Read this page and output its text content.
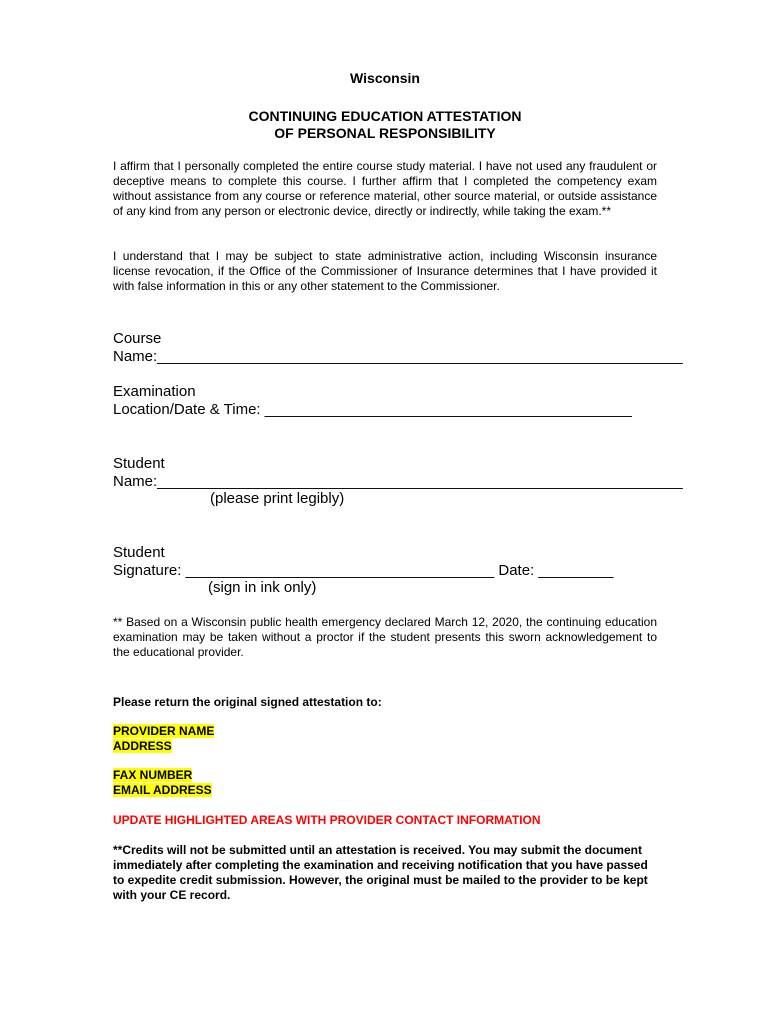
Wisconsin

CONTINUING EDUCATION ATTESTATION

OF PERSONAL RESPONSIBILITY

I affirm that I personally completed the entire course study material. I have not used any fraudulent or deceptive means to complete this course. I further affirm that I completed the competency exam without assistance from any course or reference material, other source material, or outside assistance of any kind from any person or electronic device, directly or indirectly, while taking the exam.**

I understand that I may be subject to state administrative action, including Wisconsin insurance license revocation, if the Office of the Commissioner of Insurance determines that I have provided it with false information in this or any other statement to the Commissioner.

Course

Name:_______________________________________________________________

Examination

Location/Date & Time: ____________________________________________

Student

Name:_______________________________________________________________

(please print legibly)

Student

Signature: _____________________________________ Date: _________

(sign in ink only)

** Based on a Wisconsin public health emergency declared March 12, 2020, the continuing education examination may be taken without a proctor if the student presents this sworn acknowledgement to the educational provider.

Please return the original signed attestation to:

PROVIDER NAME

ADDRESS

FAX NUMBER

EMAIL ADDRESS

UPDATE HIGHLIGHTED AREAS WITH PROVIDER CONTACT INFORMATION

**Credits will not be submitted until an attestation is received. You may submit the document immediately after completing the examination and receiving notification that you have passed to expedite credit submission. However, the original must be mailed to the provider to be kept with your CE record.
